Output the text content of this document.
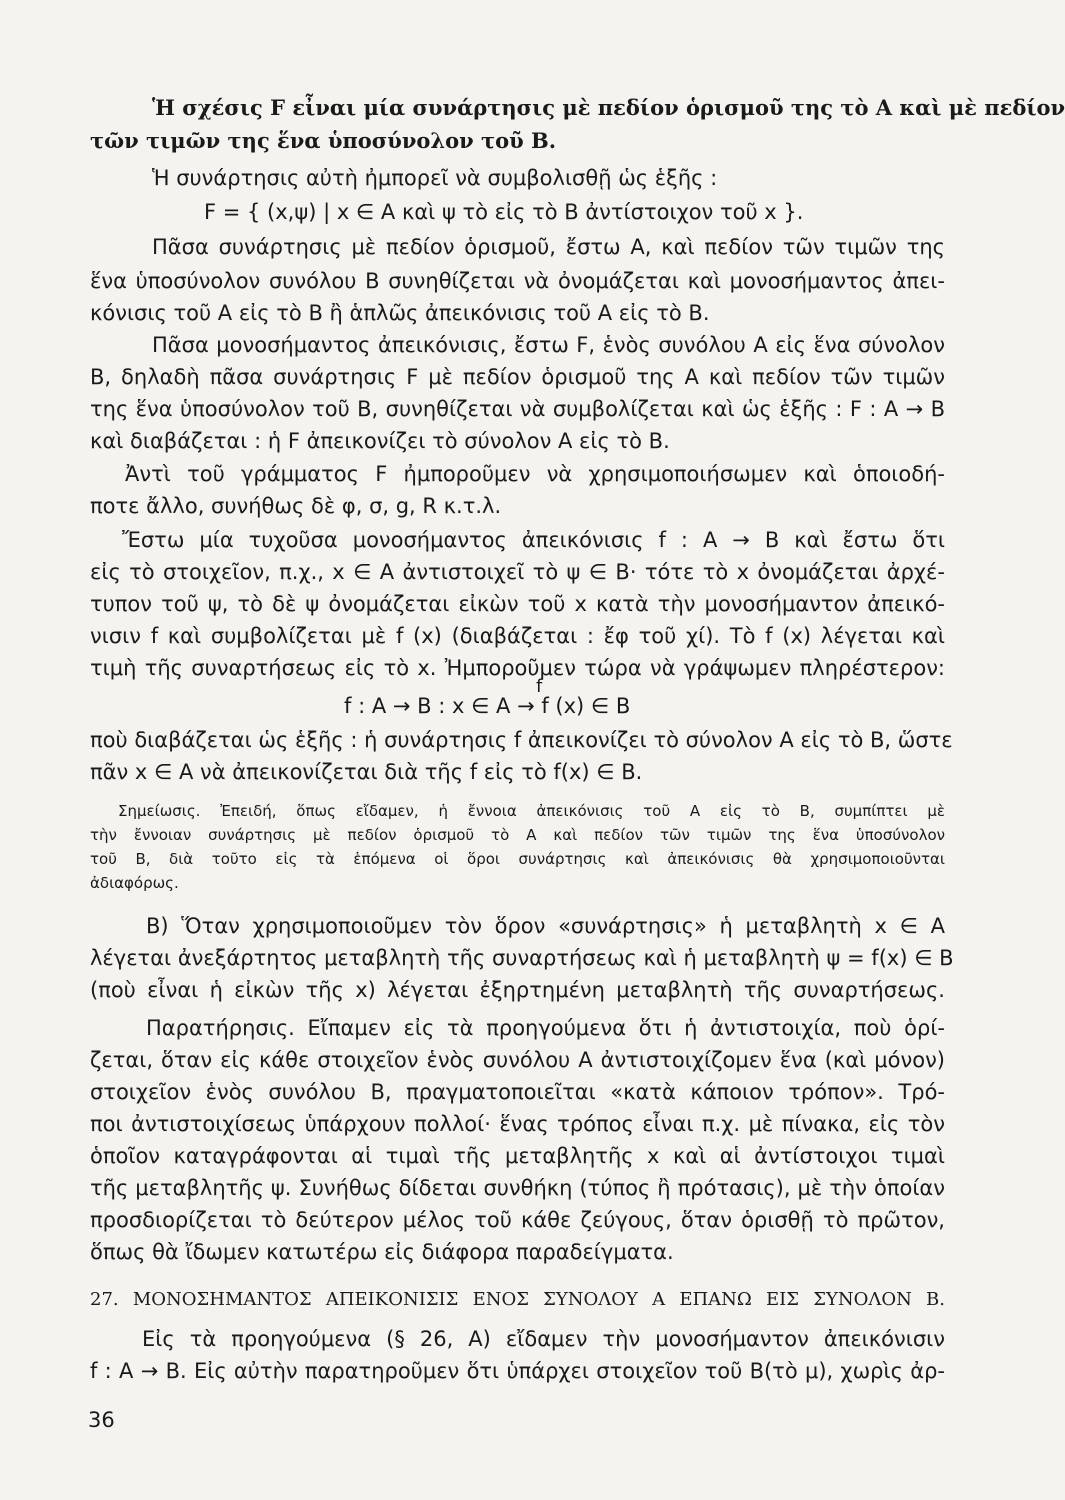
Ἡ σχέσις F εἶναι μία συνάρτησις μὲ πεδίον ὁρισμοῦ της τὸ Α καὶ μὲ πεδίον
τῶν τιμῶν της ἕνα ὑποσύνολον τοῦ Β.
Ἡ συνάρτησις αὐτὴ ἠμπορεῖ νὰ συμβολισθῇ ὡς ἑξῆς :
F = { (x,ψ) | x ∈ Α καὶ ψ τὸ εἰς τὸ Β ἀντίστοιχον τοῦ x }.
Πᾶσα συνάρτησις μὲ πεδίον ὁρισμοῦ, ἔστω Α, καὶ πεδίον τῶν τιμῶν της
ἕνα ὑποσύνολον συνόλου Β συνηθίζεται νὰ ὀνομάζεται καὶ μονοσήμαντος ἀπει-
κόνισις τοῦ Α εἰς τὸ Β ἢ ἁπλῶς ἀπεικόνισις τοῦ Α εἰς τὸ Β.
Πᾶσα μονοσήμαντος ἀπεικόνισις, ἔστω F, ἑνὸς συνόλου Α εἰς ἕνα σύνολον
Β, δηλαδὴ πᾶσα συνάρτησις F μὲ πεδίον ὁρισμοῦ της Α καὶ πεδίον τῶν τιμῶν
της ἕνα ὑποσύνολον τοῦ Β, συνηθίζεται νὰ συμβολίζεται καὶ ὡς ἑξῆς : F : Α → Β
καὶ διαβάζεται : ἡ F ἀπεικονίζει τὸ σύνολον Α εἰς τὸ Β.
Ἀντὶ τοῦ γράμματος F ἠμποροῦμεν νὰ χρησιμοποιήσωμεν καὶ ὁποιοδή-
ποτε ἄλλο, συνήθως δὲ φ, σ, g, R κ.τ.λ.
Ἔστω μία τυχοῦσα μονοσήμαντος ἀπεικόνισις f : Α → Β καὶ ἔστω ὅτι
εἰς τὸ στοιχεῖον, π.χ., x ∈ Α ἀντιστοιχεῖ τὸ ψ ∈ Β· τότε τὸ x ὀνομάζεται ἀρχέ-
τυπον τοῦ ψ, τὸ δὲ ψ ὀνομάζεται εἰκὼν τοῦ x κατὰ τὴν μονοσήμαντον ἀπεικό-
νισιν f καὶ συμβολίζεται μὲ f (x) (διαβάζεται : ἔφ τοῦ χί). Τὸ f (x) λέγεται καὶ
τιμὴ τῆς συναρτήσεως εἰς τὸ x. Ἠμποροῦμεν τώρα νὰ γράψωμεν πληρέστερον:
f
f : Α → Β : x ∈ Α → f (x) ∈ Β
ποὺ διαβάζεται ὡς ἑξῆς : ἡ συνάρτησις f ἀπεικονίζει τὸ σύνολον Α εἰς τὸ Β, ὥστε
πᾶν x ∈ Α νὰ ἀπεικονίζεται διὰ τῆς f εἰς τὸ f(x) ∈ Β.
Σημείωσις. Ἐπειδή, ὅπως εἴδαμεν, ἡ ἔννοια ἀπεικόνισις τοῦ Α εἰς τὸ Β, συμπίπτει μὲ
τὴν ἔννοιαν συνάρτησις μὲ πεδίον ὁρισμοῦ τὸ Α καὶ πεδίον τῶν τιμῶν της ἕνα ὑποσύνολον
τοῦ Β, διὰ τοῦτο εἰς τὰ ἑπόμενα οἱ ὅροι συνάρτησις καὶ ἀπεικόνισις θὰ χρησιμοποιοῦνται
ἀδιαφόρως.
Β) Ὅταν χρησιμοποιοῦμεν τὸν ὅρον «συνάρτησις» ἡ μεταβλητὴ x ∈ Α
λέγεται ἀνεξάρτητος μεταβλητὴ τῆς συναρτήσεως καὶ ἡ μεταβλητὴ ψ = f(x) ∈ Β
(ποὺ εἶναι ἡ εἰκὼν τῆς x) λέγεται ἐξηρτημένη μεταβλητὴ τῆς συναρτήσεως.
Παρατήρησις. Εἴπαμεν εἰς τὰ προηγούμενα ὅτι ἡ ἀντιστοιχία, ποὺ ὁρί-
ζεται, ὅταν εἰς κάθε στοιχεῖον ἑνὸς συνόλου Α ἀντιστοιχίζομεν ἕνα (καὶ μόνον)
στοιχεῖον ἑνὸς συνόλου Β, πραγματοποιεῖται «κατὰ κάποιον τρόπον». Τρό-
ποι ἀντιστοιχίσεως ὑπάρχουν πολλοί· ἕνας τρόπος εἶναι π.χ. μὲ πίνακα, εἰς τὸν
ὁποῖον καταγράφονται αἱ τιμαὶ τῆς μεταβλητῆς x καὶ αἱ ἀντίστοιχοι τιμαὶ
τῆς μεταβλητῆς ψ. Συνήθως δίδεται συνθήκη (τύπος ἢ πρότασις), μὲ τὴν ὁποίαν
προσδιορίζεται τὸ δεύτερον μέλος τοῦ κάθε ζεύγους, ὅταν ὁρισθῇ τὸ πρῶτον,
ὅπως θὰ ἴδωμεν κατωτέρω εἰς διάφορα παραδείγματα.
27. ΜΟΝΟΣΗΜΑΝΤΟΣ ΑΠΕΙΚΟΝΙΣΙΣ ΕΝΟΣ ΣΥΝΟΛΟΥ Α ΕΠΑΝΩ ΕΙΣ ΣΥΝΟΛΟΝ Β.
Εἰς τὰ προηγούμενα (§ 26, Α) εἴδαμεν τὴν μονοσήμαντον ἀπεικόνισιν
f : Α → Β. Εἰς αὐτὴν παρατηροῦμεν ὅτι ὑπάρχει στοιχεῖον τοῦ Β(τὸ μ), χωρὶς ἀρ-
36
